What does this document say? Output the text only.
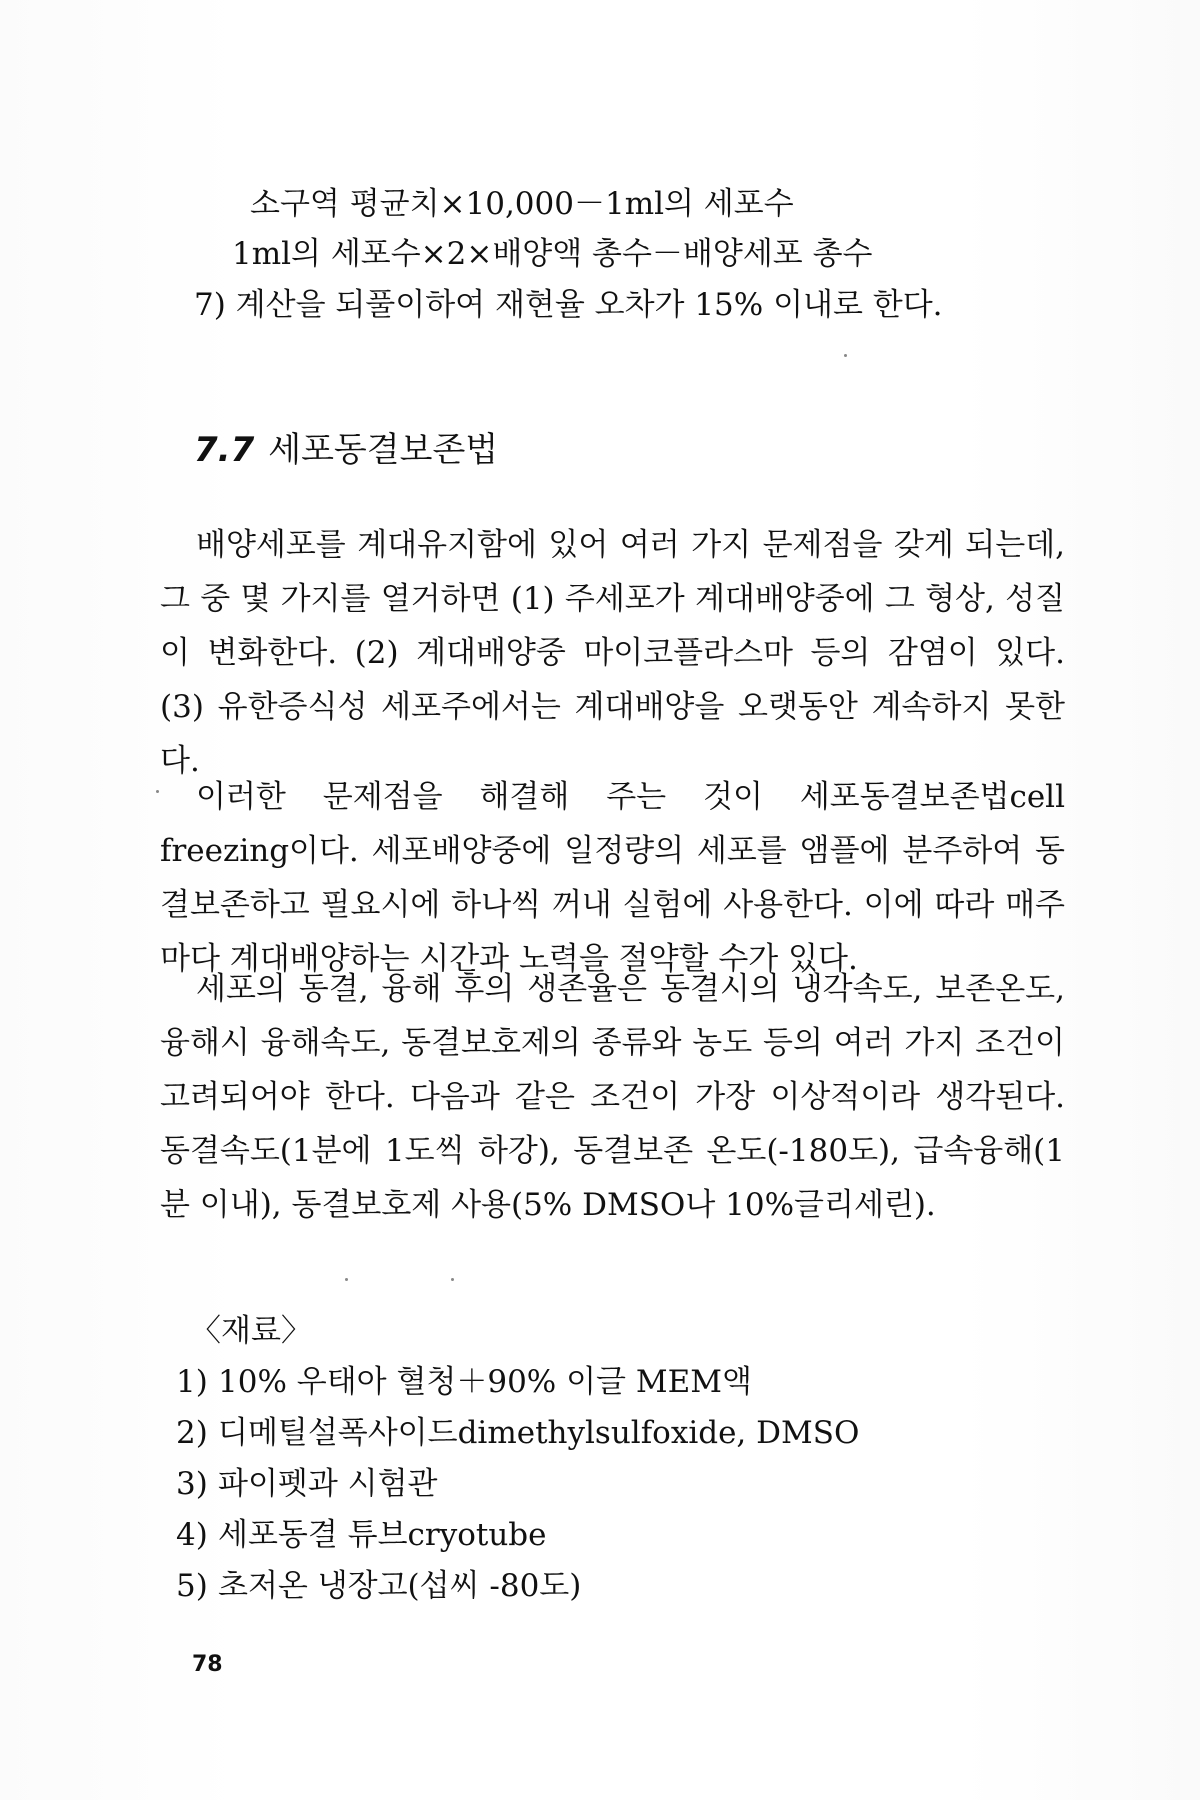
소구역 평균치×10,000－1ml의 세포수
1ml의 세포수×2×배양액 총수－배양세포 총수
7) 계산을 되풀이하여 재현율 오차가 15% 이내로 한다.
7.7 세포동결보존법

배양세포를 계대유지함에 있어 여러 가지 문제점을 갖게 되는데, 그 중 몇 가지를 열거하면 (1) 주세포가 계대배양중에 그 형상, 성질이 변화한다. (2) 계대배양중 마이코플라스마 등의 감염이 있다. (3) 유한증식성 세포주에서는 계대배양을 오랫동안 계속하지 못한다.

이러한 문제점을 해결해 주는 것이 세포동결보존법cell freezing이다. 세포배양중에 일정량의 세포를 앰플에 분주하여 동결보존하고 필요시에 하나씩 꺼내 실험에 사용한다. 이에 따라 매주마다 계대배양하는 시간과 노력을 절약할 수가 있다.

세포의 동결, 융해 후의 생존율은 동결시의 냉각속도, 보존온도, 융해시 융해속도, 동결보호제의 종류와 농도 등의 여러 가지 조건이 고려되어야 한다. 다음과 같은 조건이 가장 이상적이라 생각된다. 동결속도(1분에 1도씩 하강), 동결보존 온도(-180도), 급속융해(1분 이내), 동결보호제 사용(5% DMSO나 10%글리세린).

〈재료〉
1) 10% 우태아 혈청＋90% 이글 MEM액
2) 디메틸설폭사이드dimethylsulfoxide, DMSO
3) 파이펫과 시험관
4) 세포동결 튜브cryotube
5) 초저온 냉장고(섭씨 -80도)
78
